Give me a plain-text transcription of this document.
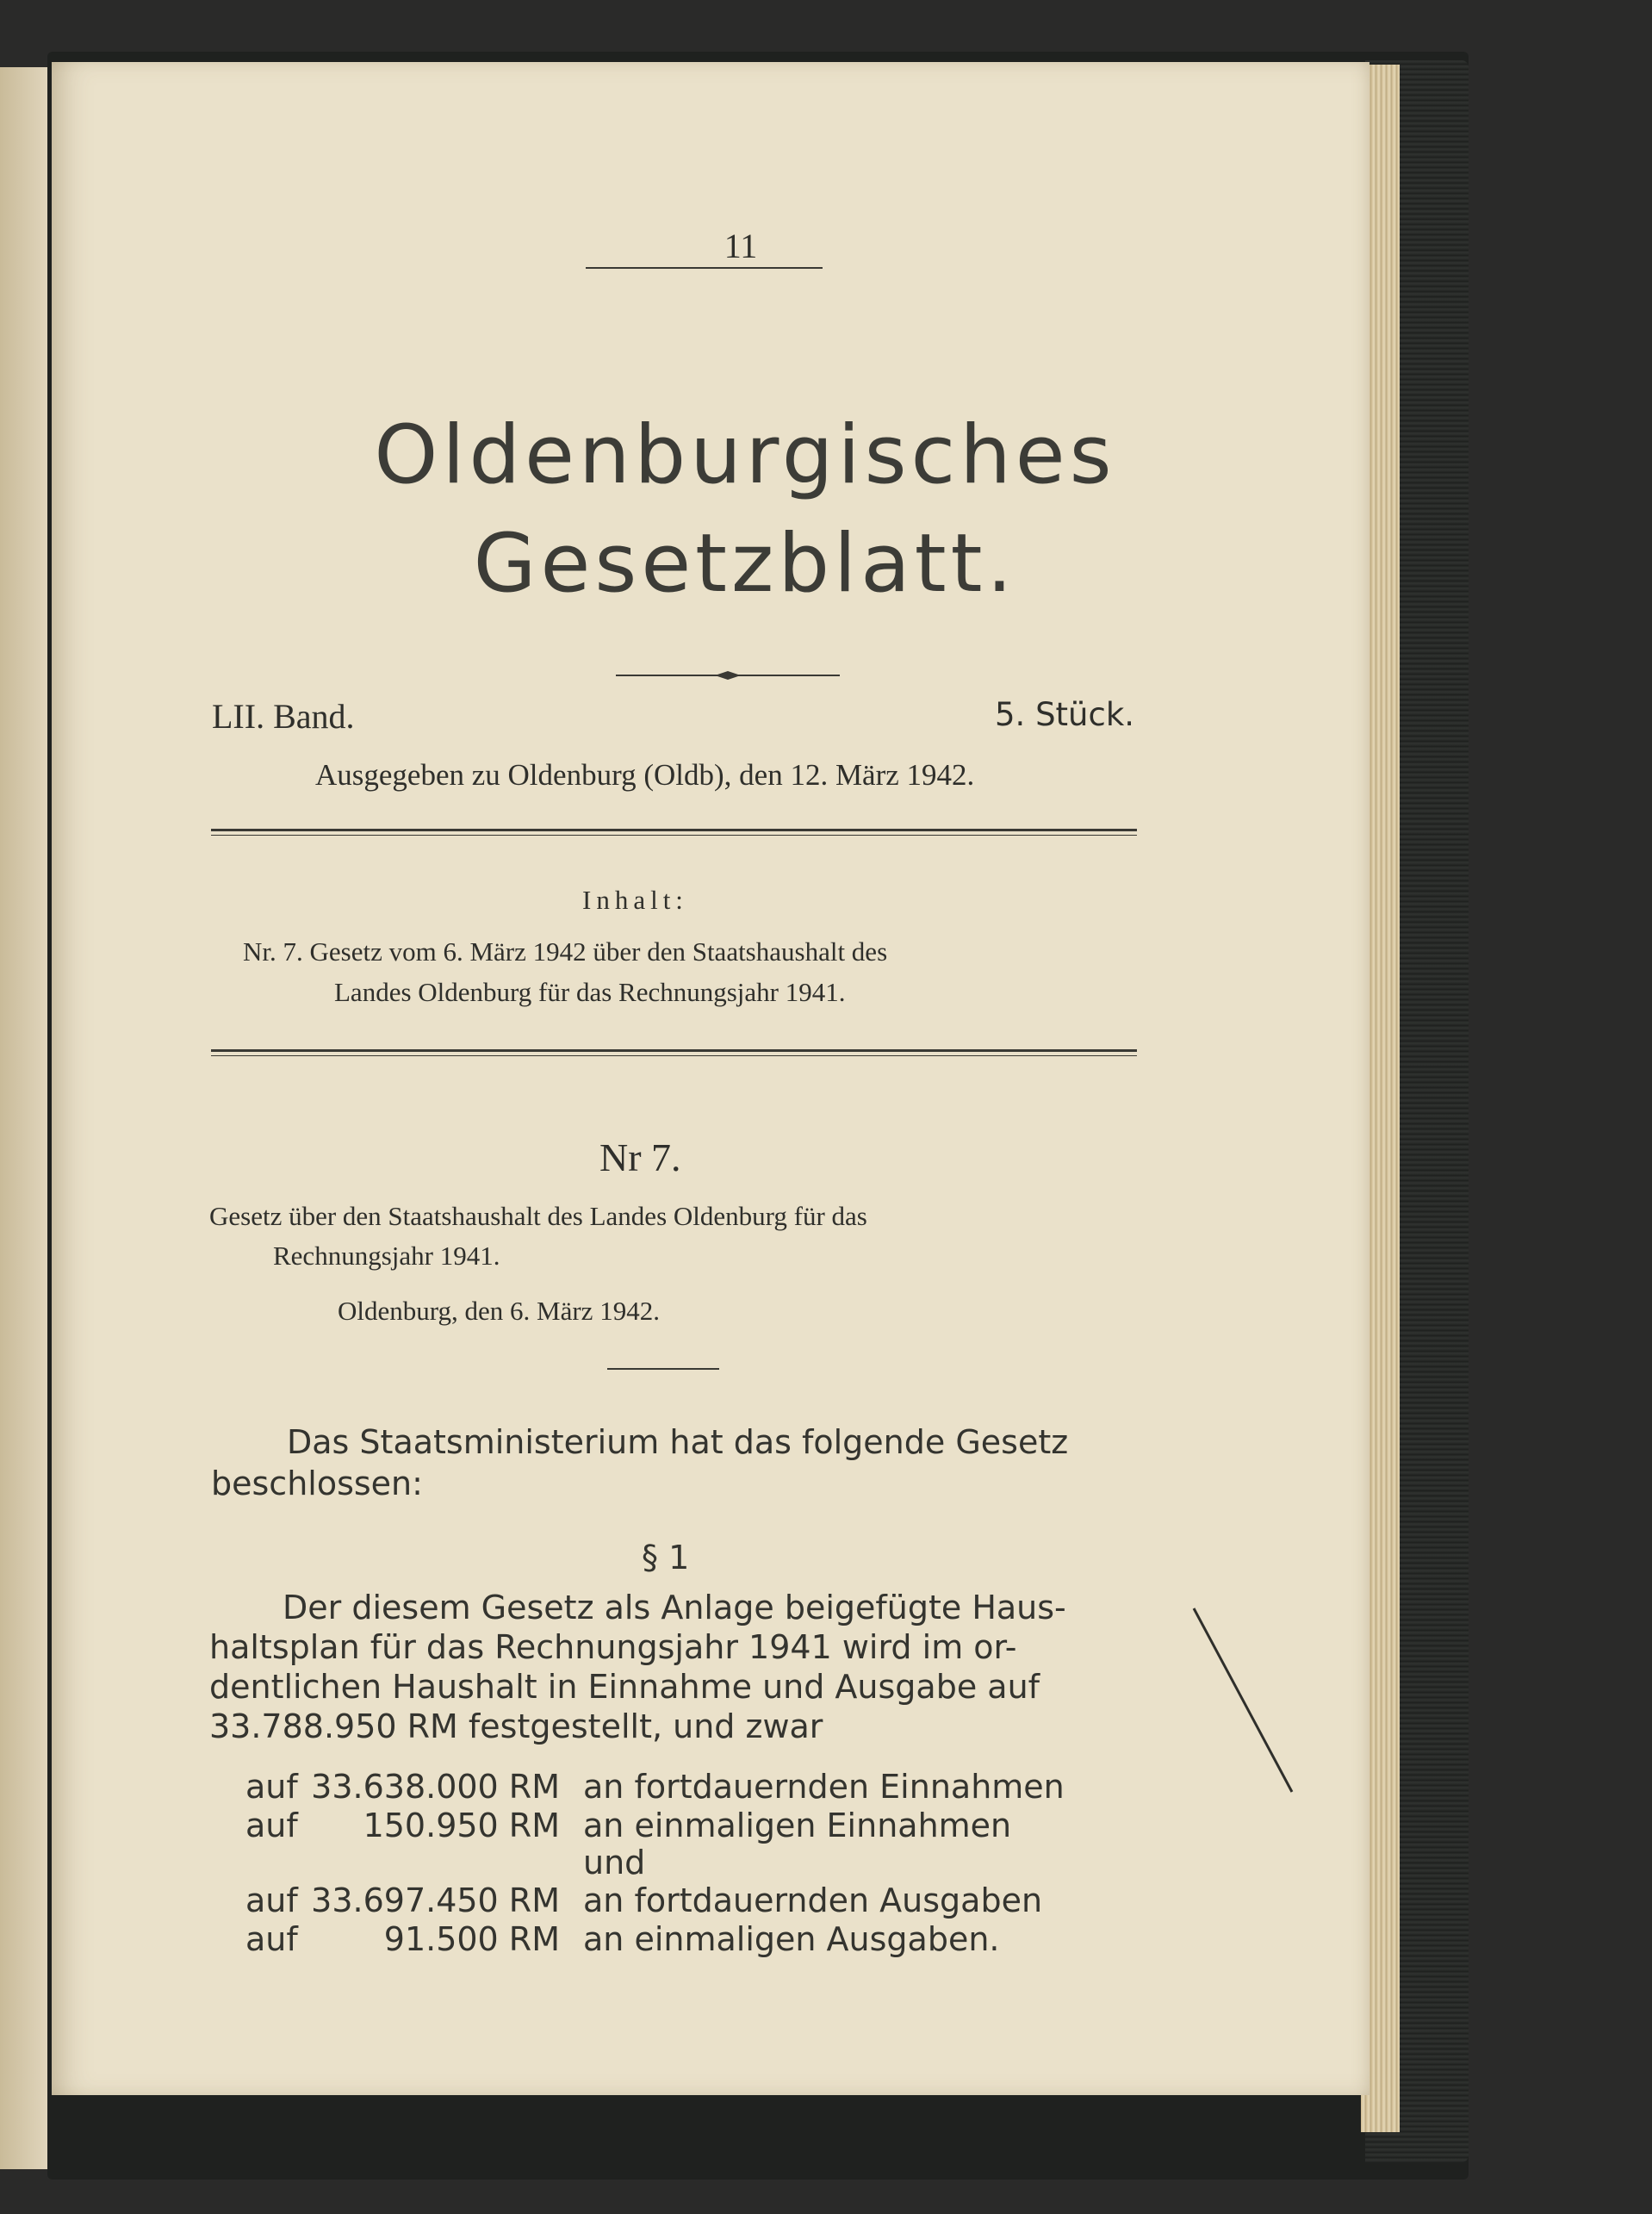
11
Oldenburgisches
Gesetzblatt.
LII. Band.	5. Stück.
Ausgegeben zu Oldenburg (Oldb), den 12. März 1942.
Inhalt:
Nr. 7. Gesetz vom 6. März 1942 über den Staatshaushalt des
Landes Oldenburg für das Rechnungsjahr 1941.
Nr 7.
Gesetz über den Staatshaushalt des Landes Oldenburg für das
Rechnungsjahr 1941.
Oldenburg, den 6. März 1942.
Das Staatsministerium hat das folgende Gesetz
beschlossen:
§ 1
Der diesem Gesetz als Anlage beigefügte Haus-
haltsplan für das Rechnungsjahr 1941 wird im or-
dentlichen Haushalt in Einnahme und Ausgabe auf
33.788.950 RM festgestellt, und zwar
auf 33.638.000 RM an fortdauernden Einnahmen
auf	150.950 RM an einmaligen Einnahmen
und
auf 33.697.450 RM an fortdauernden Ausgaben
auf	91.500 RM an einmaligen Ausgaben.
